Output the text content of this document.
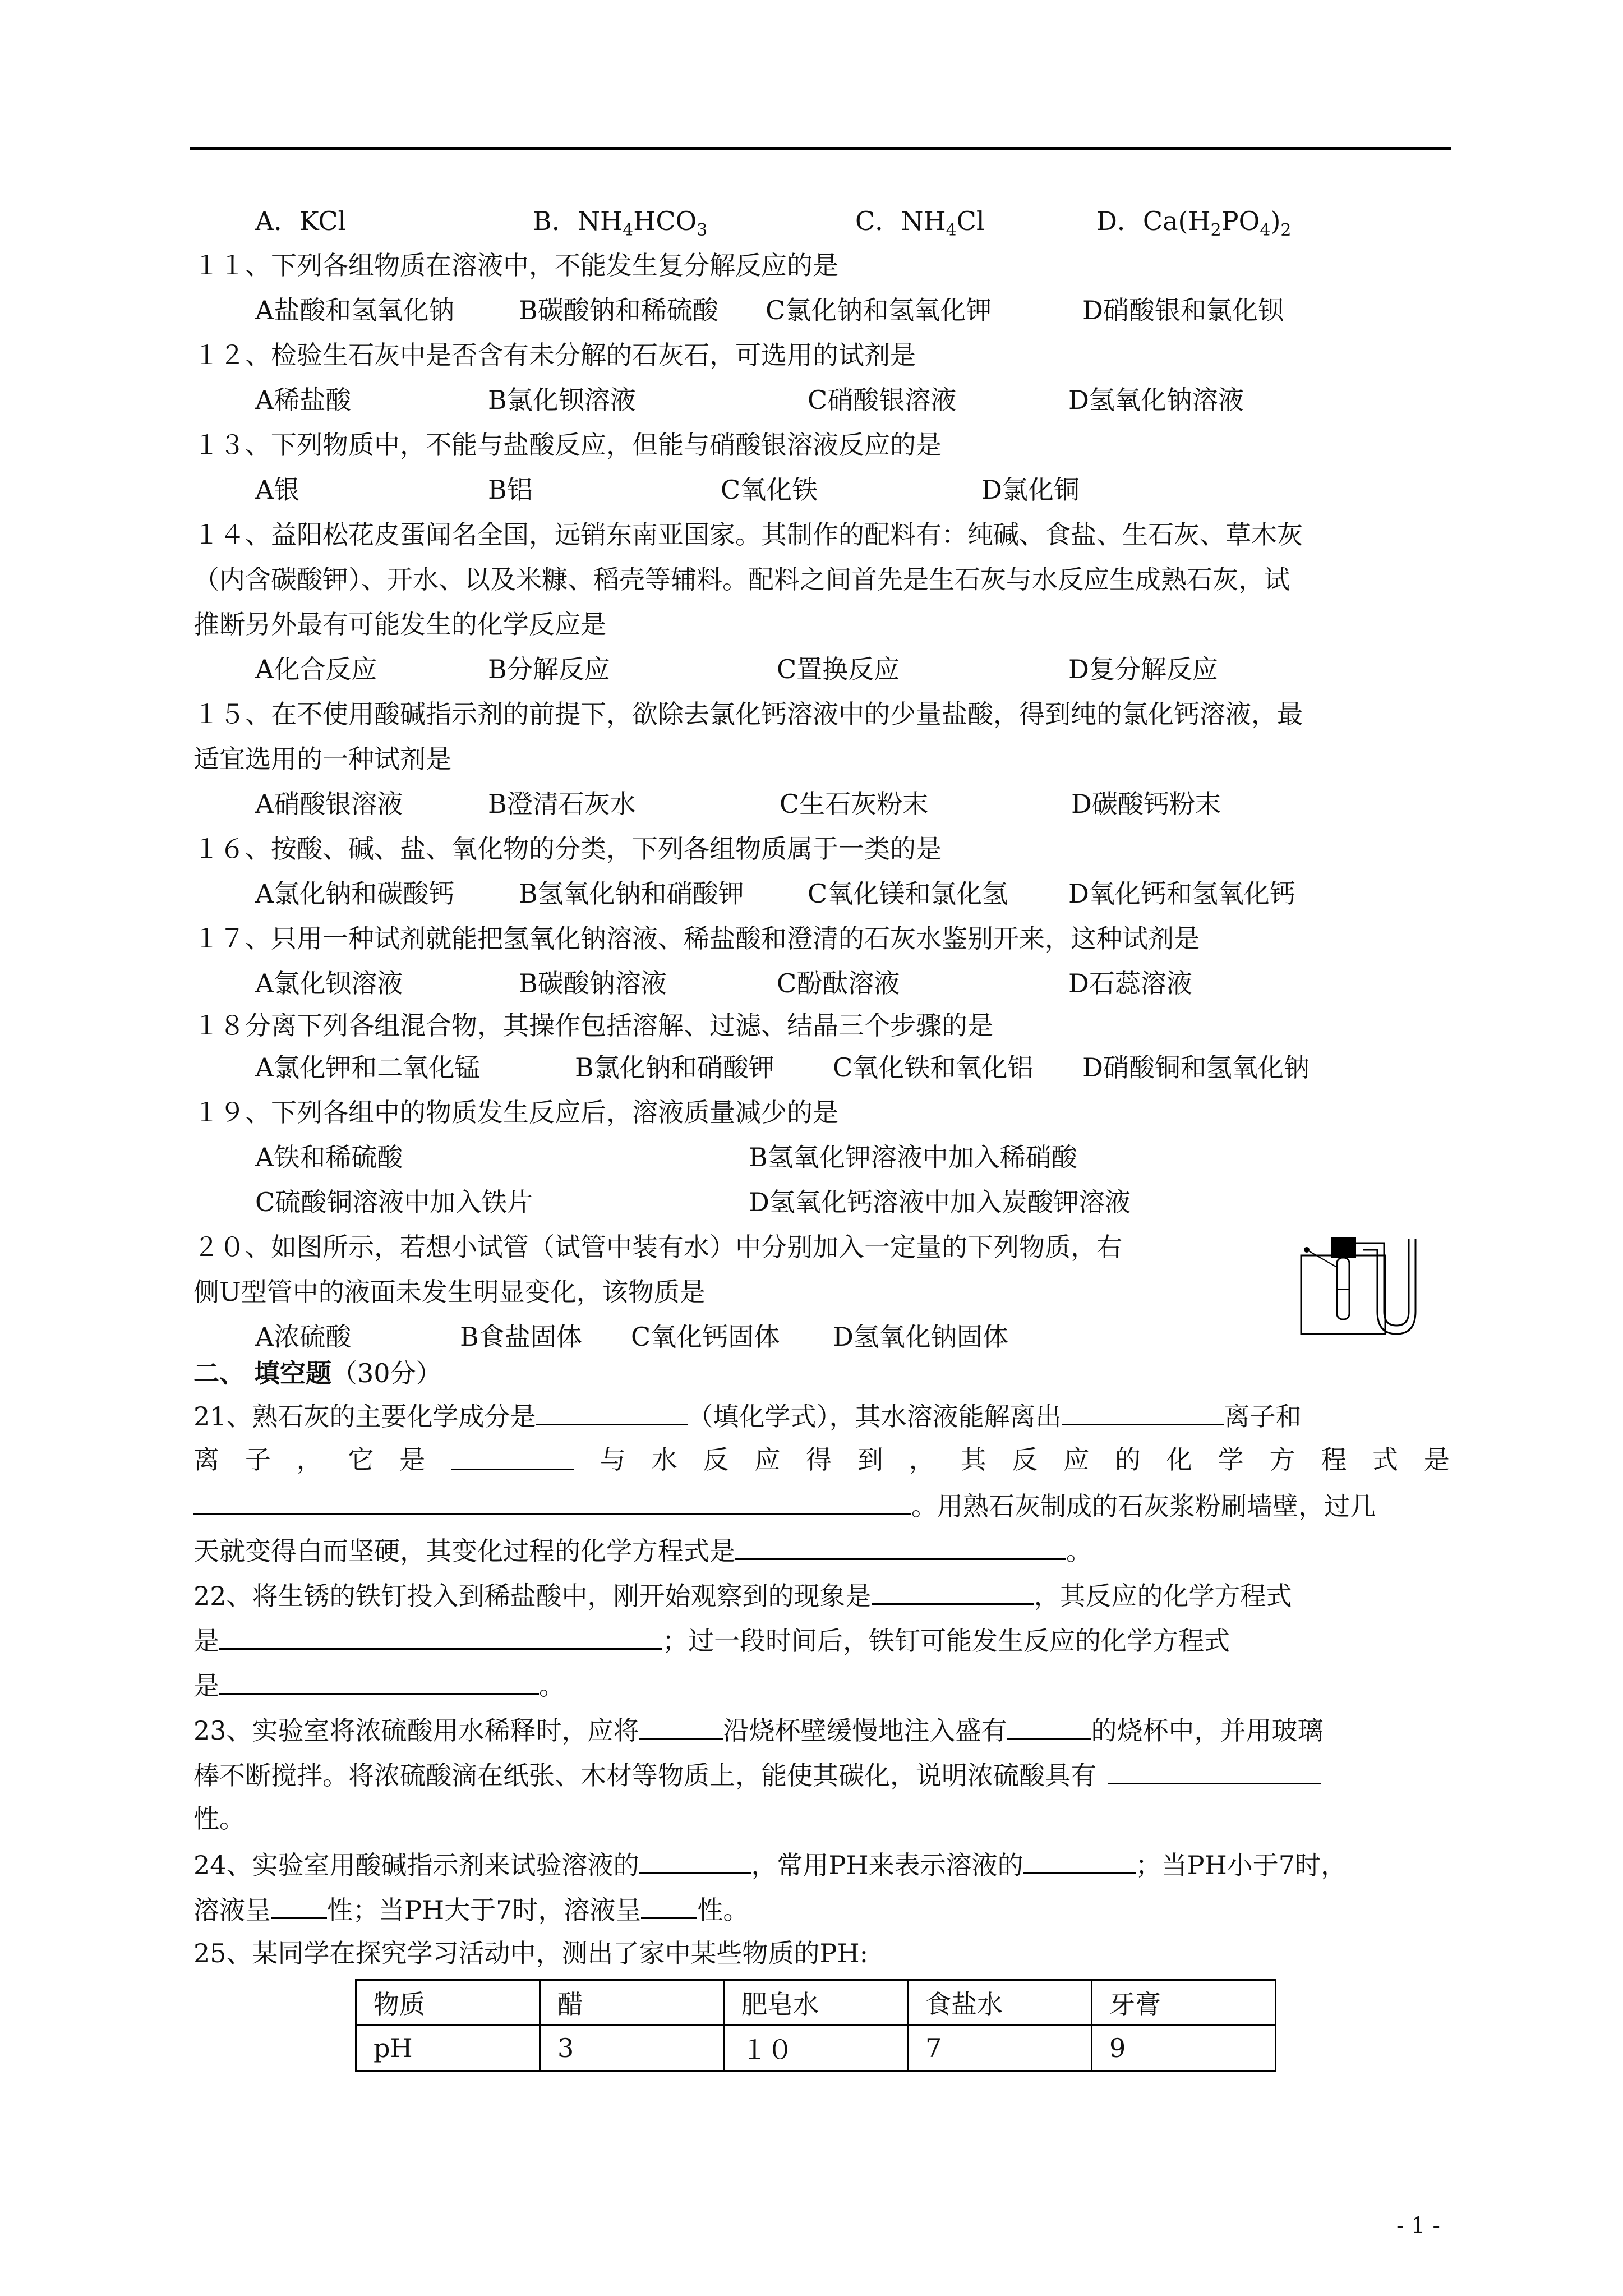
A．KCl	B．$NH_4HCO_3$	C．$NH_4Cl$	D．$Ca(H_2PO_4)_2$
１１、下列各组物质在溶液中，不能发生复分解反应的是
A盐酸和氢氧化钠 B碳酸钠和稀硫酸 C氯化钠和氢氧化钾	D硝酸银和氯化钡
１２、检验生石灰中是否含有未分解的石灰石，可选用的试剂是
A稀盐酸	B氯化钡溶液	C硝酸银溶液	D氢氧化钠溶液
１３、下列物质中，不能与盐酸反应，但能与硝酸银溶液反应的是
A银	B铝	C氧化铁	D氯化铜
１４、益阳松花皮蛋闻名全国，远销东南亚国家。其制作的配料有：纯碱、食盐、生石灰、草木灰
（内含碳酸钾）、开水、以及米糠、稻壳等辅料。配料之间首先是生石灰与水反应生成熟石灰，试
推断另外最有可能发生的化学反应是
A化合反应	B分解反应	C置换反应	D复分解反应
１５、在不使用酸碱指示剂的前提下，欲除去氯化钙溶液中的少量盐酸，得到纯的氯化钙溶液，最
适宜选用的一种试剂是
A硝酸银溶液	B澄清石灰水	C生石灰粉末	D碳酸钙粉末
１６、按酸、碱、盐、氧化物的分类，下列各组物质属于一类的是
A氯化钠和碳酸钙 B氢氧化钠和硝酸钾 C氧化镁和氯化氢 D氧化钙和氢氧化钙
１７、只用一种试剂就能把氢氧化钠溶液、稀盐酸和澄清的石灰水鉴别开来，这种试剂是
A氯化钡溶液	B碳酸钠溶液	C酚酞溶液	D石蕊溶液
１８分离下列各组混合物，其操作包括溶解、过滤、结晶三个步骤的是
A氯化钾和二氧化锰	B氯化钠和硝酸钾 C氧化铁和氧化铝 D硝酸铜和氢氧化钠
１９、下列各组中的物质发生反应后，溶液质量减少的是
A铁和稀硫酸	B氢氧化钾溶液中加入稀硝酸
C硫酸铜溶液中加入铁片	D氢氧化钙溶液中加入炭酸钾溶液
２０、如图所示，若想小试管（试管中装有水）中分别加入一定量的下列物质，右
侧U型管中的液面未发生明显变化，该物质是
A浓硫酸	B食盐固体 C氧化钙固体 D氢氧化钠固体
二、 填空题（30分）
21、熟石灰的主要化学成分是	（填化学式），其水溶液能解离出	离子和
离 子 ， 它 是	与 水 反 应 得 到 ， 其 反 应 的 化 学 方 程 式 是
。用熟石灰制成的石灰浆粉刷墙壁，过几
天就变得白而坚硬，其变化过程的化学方程式是	。
22、将生锈的铁钉投入到稀盐酸中，刚开始观察到的现象是	，其反应的化学方程式
是	；过一段时间后，铁钉可能发生反应的化学方程式
是	。
23、实验室将浓硫酸用水稀释时，应将	沿烧杯壁缓慢地注入盛有	的烧杯中，并用玻璃
棒不断搅拌。将浓硫酸滴在纸张、木材等物质上，能使其碳化，说明浓硫酸具有
性。
24、实验室用酸碱指示剂来试验溶液的	，常用PH来表示溶液的	；当PH小于7时，
溶液呈 性；当PH大于7时，溶液呈 性。
25、某同学在探究学习活动中，测出了家中某些物质的PH:
物质	醋	肥皂水	食盐水	牙膏
pH	3	１０	7	9
- 1 -
